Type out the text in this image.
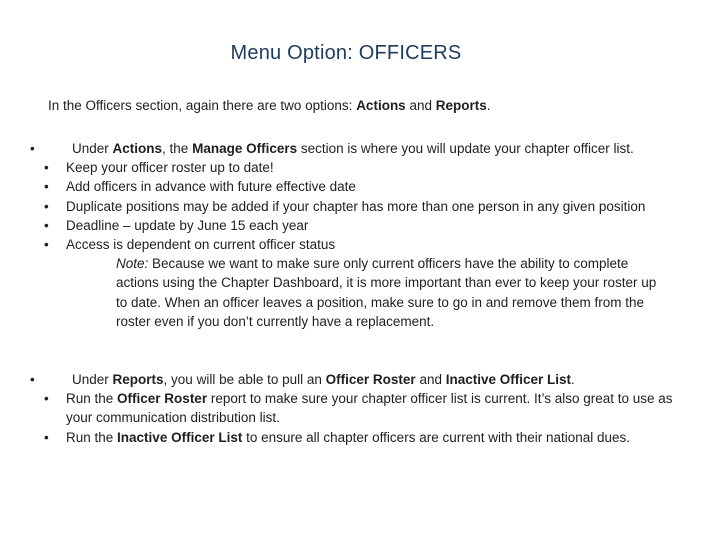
Menu Option: OFFICERS
In the Officers section, again there are two options: Actions and Reports.
•	Under Actions, the Manage Officers section is where you will update your chapter officer list.
• Keep your officer roster up to date!
• Add officers in advance with future effective date
• Duplicate positions may be added if your chapter has more than one person in any given position
• Deadline – update by June 15 each year
• Access is dependent on current officer status
Note: Because we want to make sure only current officers have the ability to complete actions using the Chapter Dashboard, it is more important than ever to keep your roster up to date. When an officer leaves a position, make sure to go in and remove them from the roster even if you don’t currently have a replacement.
•	Under Reports, you will be able to pull an Officer Roster and Inactive Officer List.
• Run the Officer Roster report to make sure your chapter officer list is current. It’s also great to use as your communication distribution list.
• Run the Inactive Officer List to ensure all chapter officers are current with their national dues.
